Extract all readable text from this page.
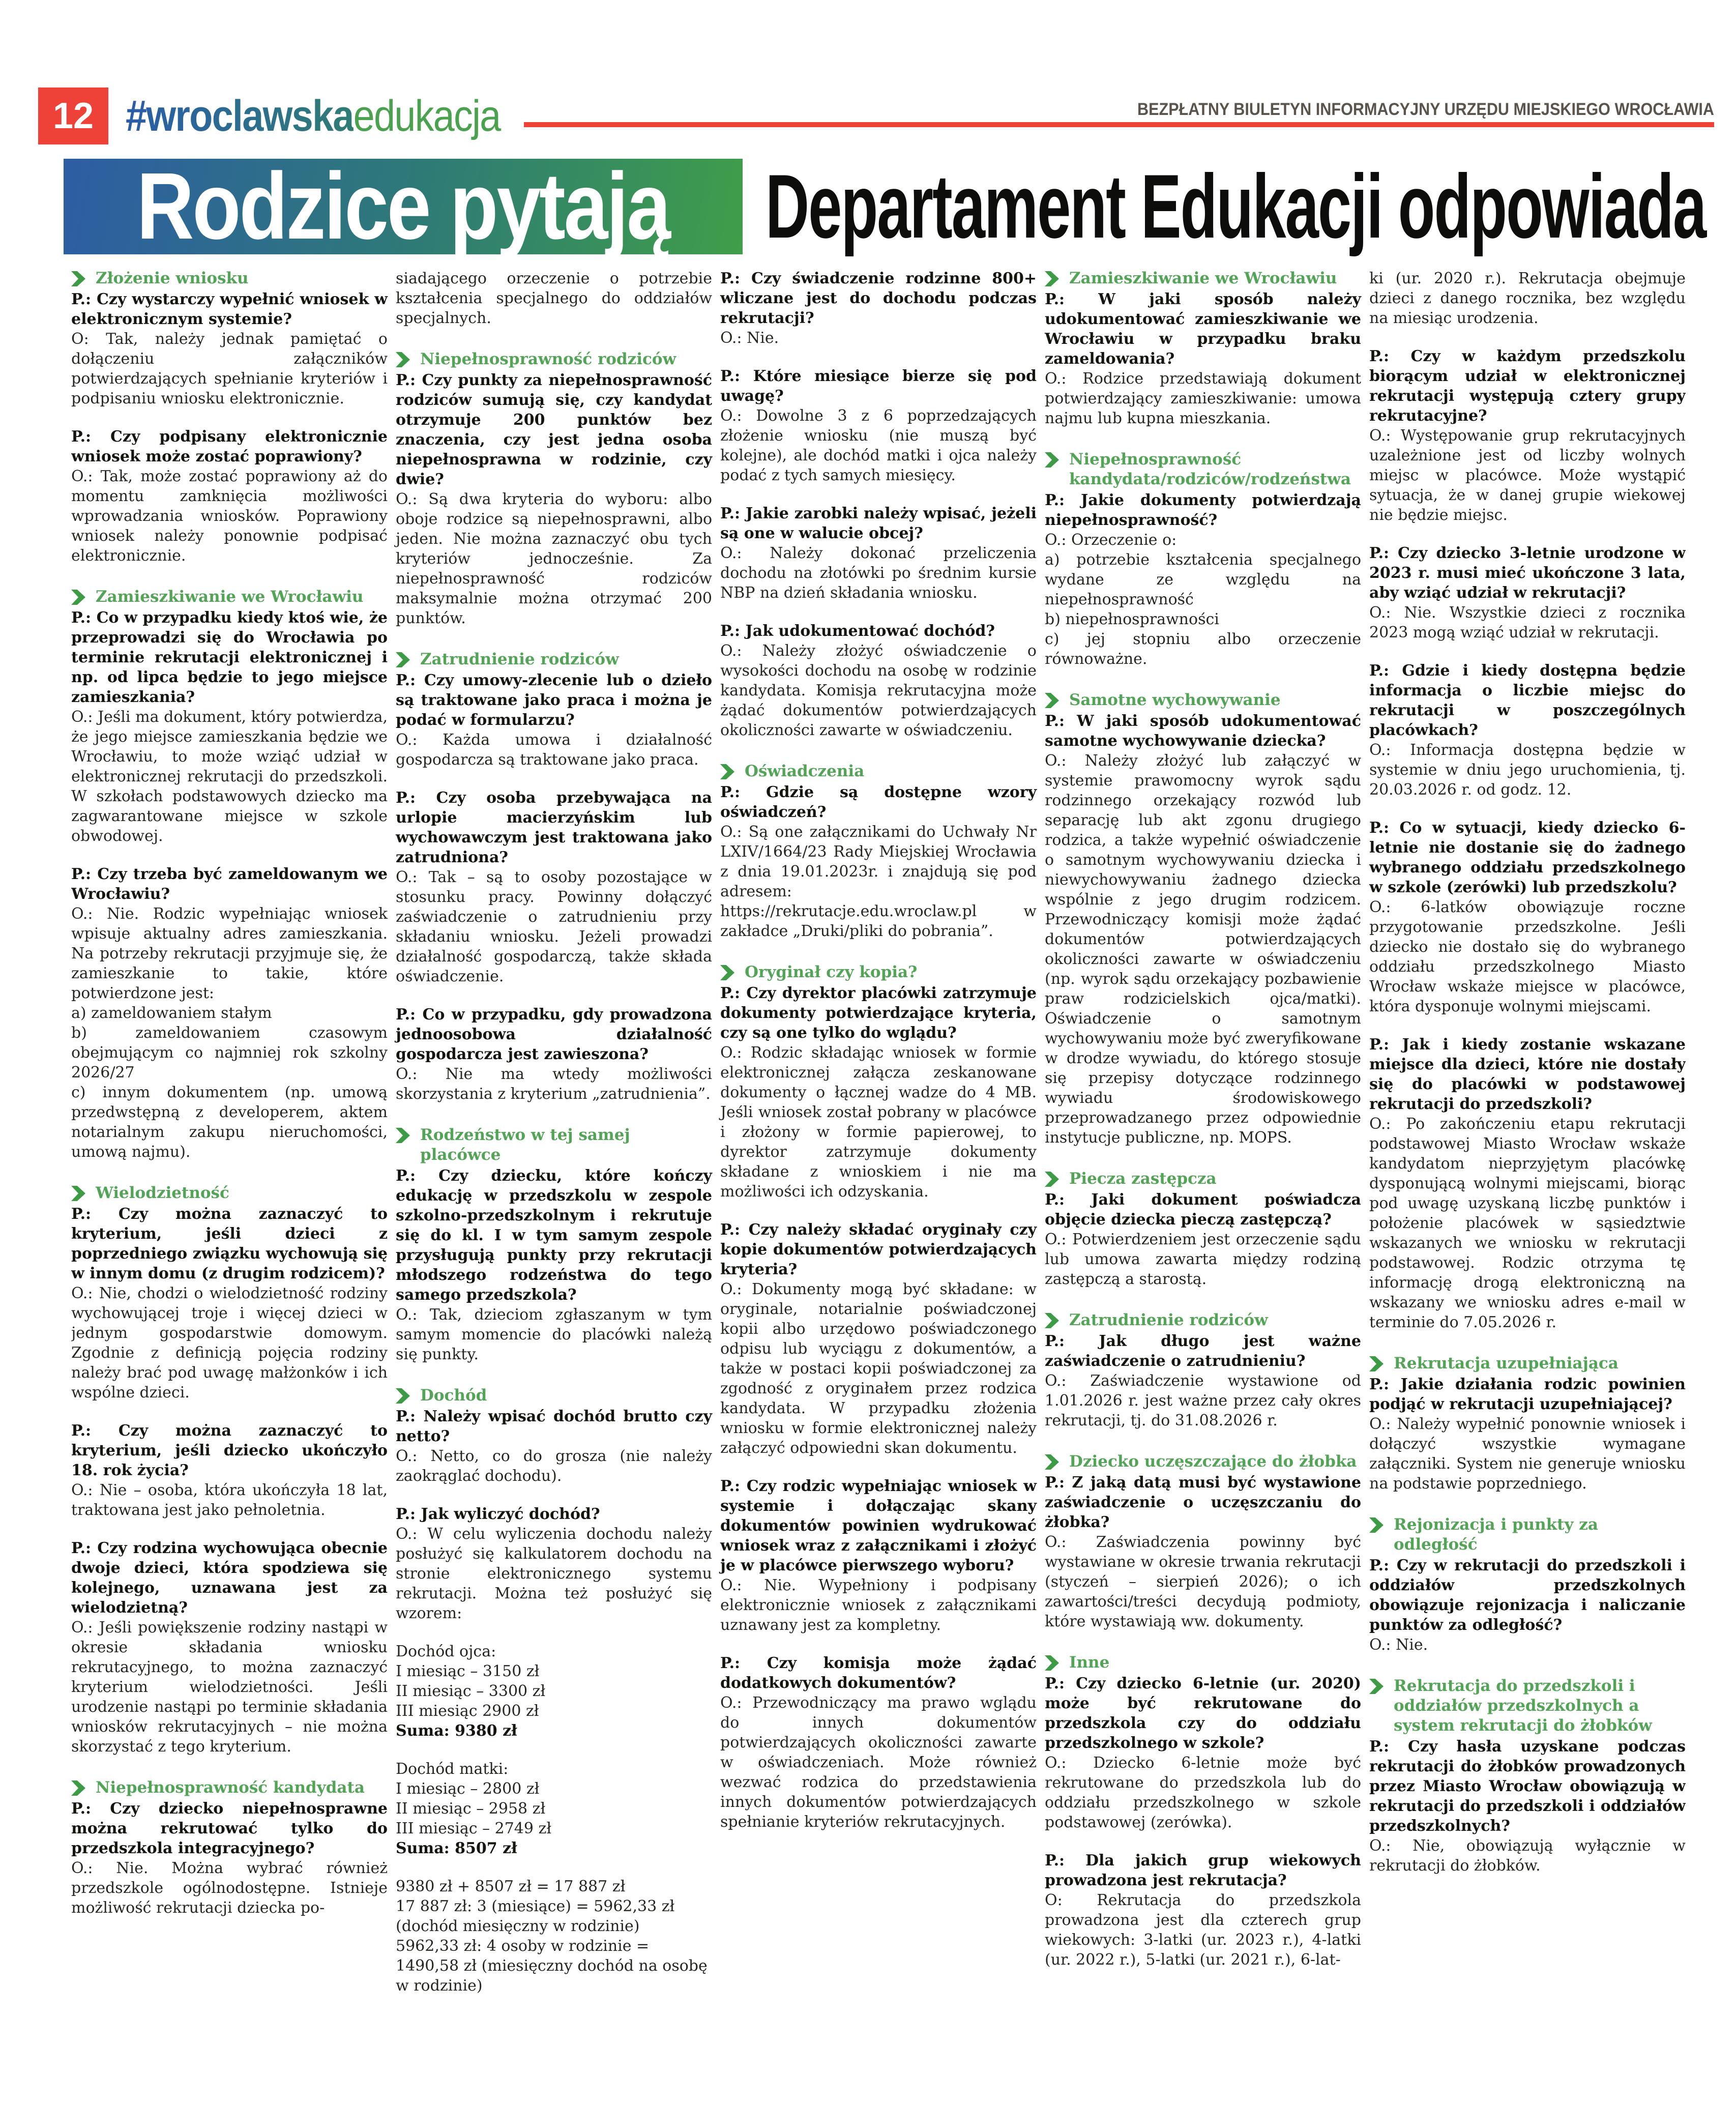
12 #wroclawska edukacja	BEZPŁATNY BIULETYN INFORMACYJNY URZĘDU MIEJSKIEGO WROCŁAWIA
Rodzice pytają Departament Edukacji odpowiada
Złożenie wniosku
P.: Czy wystarczy wypełnić wniosek w elektronicznym systemie?
O: Tak, należy jednak pamiętać o dołączeniu załączników potwierdzających spełnianie kryteriów i podpisaniu wniosku elektronicznie.
P.: Czy podpisany elektronicznie wniosek może zostać poprawiony?
O.: Tak, może zostać poprawiony aż do momentu zamknięcia możliwości wprowadzania wniosków. Poprawiony wniosek należy ponownie podpisać elektronicznie.
Zamieszkiwanie we Wrocławiu
P.: Co w przypadku kiedy ktoś wie, że przeprowadzi się do Wrocławia po terminie rekrutacji elektronicznej i np. od lipca będzie to jego miejsce zamieszkania?
O.: Jeśli ma dokument, który potwierdza, że jego miejsce zamieszkania będzie we Wrocławiu, to może wziąć udział w elektronicznej rekrutacji do przedszkoli. W szkołach podstawowych dziecko ma zagwarantowane miejsce w szkole obwodowej.
P.: Czy trzeba być zameldowanym we Wrocławiu?
O.: Nie. Rodzic wypełniając wniosek wpisuje aktualny adres zamieszkania. Na potrzeby rekrutacji przyjmuje się, że zamieszkanie to takie, które potwierdzone jest:
a) zameldowaniem stałym
b) zameldowaniem czasowym obejmującym co najmniej rok szkolny 2026/27
c) innym dokumentem (np. umową przedwstępną z developerem, aktem notarialnym zakupu nieruchomości, umową najmu).
Wielodzietność
P.: Czy można zaznaczyć to kryterium, jeśli dzieci z poprzedniego związku wychowują się w innym domu (z drugim rodzicem)?
O.: Nie, chodzi o wielodzietność rodziny wychowującej troje i więcej dzieci w jednym gospodarstwie domowym. Zgodnie z definicją pojęcia rodziny należy brać pod uwagę małżonków i ich wspólne dzieci.
P.: Czy można zaznaczyć to kryterium, jeśli dziecko ukończyło 18. rok życia?
O.: Nie – osoba, która ukończyła 18 lat, traktowana jest jako pełnoletnia.
P.: Czy rodzina wychowująca obecnie dwoje dzieci, która spodziewa się kolejnego, uznawana jest za wielodzietną?
O.: Jeśli powiększenie rodziny nastąpi w okresie składania wniosku rekrutacyjnego, to można zaznaczyć kryterium wielodzietności. Jeśli urodzenie nastąpi po terminie składania wniosków rekrutacyjnych – nie można skorzystać z tego kryterium.
Niepełnosprawność kandydata
P.: Czy dziecko niepełnosprawne można rekrutować tylko do przedszkola integracyjnego?
O.: Nie. Można wybrać również przedszkole ogólnodostępne. Istnieje możliwość rekrutacji dziecka po-
siadającego orzeczenie o potrzebie kształcenia specjalnego do oddziałów specjalnych.
Niepełnosprawność rodziców
P.: Czy punkty za niepełnosprawność rodziców sumują się, czy kandydat otrzymuje 200 punktów bez znaczenia, czy jest jedna osoba niepełnosprawna w rodzinie, czy dwie?
O.: Są dwa kryteria do wyboru: albo oboje rodzice są niepełnosprawni, albo jeden. Nie można zaznaczyć obu tych kryteriów jednocześnie. Za niepełnosprawność rodziców maksymalnie można otrzymać 200 punktów.
Zatrudnienie rodziców
P.: Czy umowy-zlecenie lub o dzieło są traktowane jako praca i można je podać w formularzu?
O.: Każda umowa i działalność gospodarcza są traktowane jako praca.
P.: Czy osoba przebywająca na urlopie macierzyńskim lub wychowawczym jest traktowana jako zatrudniona?
O.: Tak – są to osoby pozostające w stosunku pracy. Powinny dołączyć zaświadczenie o zatrudnieniu przy składaniu wniosku. Jeżeli prowadzi działalność gospodarczą, także składa oświadczenie.
P.: Co w przypadku, gdy prowadzona jednoosobowa działalność gospodarcza jest zawieszona?
O.: Nie ma wtedy możliwości skorzystania z kryterium „zatrudnienia”.
Rodzeństwo w tej samej placówce
P.: Czy dziecku, które kończy edukację w przedszkolu w zespole szkolno-przedszkolnym i rekrutuje się do kl. I w tym samym zespole przysługują punkty przy rekrutacji młodszego rodzeństwa do tego samego przedszkola?
O.: Tak, dzieciom zgłaszanym w tym samym momencie do placówki należą się punkty.
Dochód
P.: Należy wpisać dochód brutto czy netto?
O.: Netto, co do grosza (nie należy zaokrąglać dochodu).
P.: Jak wyliczyć dochód?
O.: W celu wyliczenia dochodu należy posłużyć się kalkulatorem dochodu na stronie elektronicznego systemu rekrutacji. Można też posłużyć się wzorem:
Dochód ojca:
I miesiąc – 3150 zł
II miesiąc – 3300 zł
III miesiąc 2900 zł
Suma: 9380 zł
Dochód matki:
I miesiąc – 2800 zł
II miesiąc – 2958 zł
III miesiąc – 2749 zł
Suma: 8507 zł
9380 zł + 8507 zł = 17 887 zł
17 887 zł: 3 (miesiące) = 5962,33 zł (dochód miesięczny w rodzinie)
5962,33 zł: 4 osoby w rodzinie = 1490,58 zł (miesięczny dochód na osobę w rodzinie)
P.: Czy świadczenie rodzinne 800+ wliczane jest do dochodu podczas rekrutacji?
O.: Nie.
P.: Które miesiące bierze się pod uwagę?
O.: Dowolne 3 z 6 poprzedzających złożenie wniosku (nie muszą być kolejne), ale dochód matki i ojca należy podać z tych samych miesięcy.
P.: Jakie zarobki należy wpisać, jeżeli są one w walucie obcej?
O.: Należy dokonać przeliczenia dochodu na złotówki po średnim kursie NBP na dzień składania wniosku.
P.: Jak udokumentować dochód?
O.: Należy złożyć oświadczenie o wysokości dochodu na osobę w rodzinie kandydata. Komisja rekrutacyjna może żądać dokumentów potwierdzających okoliczności zawarte w oświadczeniu.
Oświadczenia
P.: Gdzie są dostępne wzory oświadczeń?
O.: Są one załącznikami do Uchwały Nr LXIV/1664/23 Rady Miejskiej Wrocławia z dnia 19.01.2023r. i znajdują się pod adresem: https://rekrutacje.edu.wroclaw.pl w zakładce „Druki/pliki do pobrania”.
Oryginał czy kopia?
P.: Czy dyrektor placówki zatrzymuje dokumenty potwierdzające kryteria, czy są one tylko do wglądu?
O.: Rodzic składając wniosek w formie elektronicznej załącza zeskanowane dokumenty o łącznej wadze do 4 MB. Jeśli wniosek został pobrany w placówce i złożony w formie papierowej, to dyrektor zatrzymuje dokumenty składane z wnioskiem i nie ma możliwości ich odzyskania.
P.: Czy należy składać oryginały czy kopie dokumentów potwierdzających kryteria?
O.: Dokumenty mogą być składane: w oryginale, notarialnie poświadczonej kopii albo urzędowo poświadczonego odpisu lub wyciągu z dokumentów, a także w postaci kopii poświadczonej za zgodność z oryginałem przez rodzica kandydata. W przypadku złożenia wniosku w formie elektronicznej należy załączyć odpowiedni skan dokumentu.
P.: Czy rodzic wypełniając wniosek w systemie i dołączając skany dokumentów powinien wydrukować wniosek wraz z załącznikami i złożyć je w placówce pierwszego wyboru?
O.: Nie. Wypełniony i podpisany elektronicznie wniosek z załącznikami uznawany jest za kompletny.
P.: Czy komisja może żądać dodatkowych dokumentów?
O.: Przewodniczący ma prawo wglądu do innych dokumentów potwierdzających okoliczności zawarte w oświadczeniach. Może również wezwać rodzica do przedstawienia innych dokumentów potwierdzających spełnianie kryteriów rekrutacyjnych.
Zamieszkiwanie we Wrocławiu
P.: W jaki sposób należy udokumentować zamieszkiwanie we Wrocławiu w przypadku braku zameldowania?
O.: Rodzice przedstawiają dokument potwierdzający zamieszkiwanie: umowa najmu lub kupna mieszkania.
Niepełnosprawność kandydata/rodziców/rodzeństwa
P.: Jakie dokumenty potwierdzają niepełnosprawność?
O.: Orzeczenie o:
a) potrzebie kształcenia specjalnego wydane ze względu na niepełnosprawność
b) niepełnosprawności
c) jej stopniu albo orzeczenie równoważne.
Samotne wychowywanie
P.: W jaki sposób udokumentować samotne wychowywanie dziecka?
O.: Należy złożyć lub załączyć w systemie prawomocny wyrok sądu rodzinnego orzekający rozwód lub separację lub akt zgonu drugiego rodzica, a także wypełnić oświadczenie o samotnym wychowywaniu dziecka i niewychowywaniu żadnego dziecka wspólnie z jego drugim rodzicem. Przewodniczący komisji może żądać dokumentów potwierdzających okoliczności zawarte w oświadczeniu (np. wyrok sądu orzekający pozbawienie praw rodzicielskich ojca/matki). Oświadczenie o samotnym wychowywaniu może być zweryfikowane w drodze wywiadu, do którego stosuje się przepisy dotyczące rodzinnego wywiadu środowiskowego przeprowadzanego przez odpowiednie instytucje publiczne, np. MOPS.
Piecza zastępcza
P.: Jaki dokument poświadcza objęcie dziecka pieczą zastępczą?
O.: Potwierdzeniem jest orzeczenie sądu lub umowa zawarta między rodziną zastępczą a starostą.
Zatrudnienie rodziców
P.: Jak długo jest ważne zaświadczenie o zatrudnieniu?
O.: Zaświadczenie wystawione od 1.01.2026 r. jest ważne przez cały okres rekrutacji, tj. do 31.08.2026 r.
Dziecko uczęszczające do żłobka
P.: Z jaką datą musi być wystawione zaświadczenie o uczęszczaniu do żłobka?
O.: Zaświadczenia powinny być wystawiane w okresie trwania rekrutacji (styczeń – sierpień 2026); o ich zawartości/treści decydują podmioty, które wystawiają ww. dokumenty.
Inne
P.: Czy dziecko 6-letnie (ur. 2020) może być rekrutowane do przedszkola czy do oddziału przedszkolnego w szkole?
O.: Dziecko 6-letnie może być rekrutowane do przedszkola lub do oddziału przedszkolnego w szkole podstawowej (zerówka).
P.: Dla jakich grup wiekowych prowadzona jest rekrutacja?
O: Rekrutacja do przedszkola prowadzona jest dla czterech grup wiekowych: 3-latki (ur. 2023 r.), 4-latki (ur. 2022 r.), 5-latki (ur. 2021 r.), 6-lat-
ki (ur. 2020 r.). Rekrutacja obejmuje dzieci z danego rocznika, bez względu na miesiąc urodzenia.
P.: Czy w każdym przedszkolu biorącym udział w elektronicznej rekrutacji występują cztery grupy rekrutacyjne?
O.: Występowanie grup rekrutacyjnych uzależnione jest od liczby wolnych miejsc w placówce. Może wystąpić sytuacja, że w danej grupie wiekowej nie będzie miejsc.
P.: Czy dziecko 3-letnie urodzone w 2023 r. musi mieć ukończone 3 lata, aby wziąć udział w rekrutacji?
O.: Nie. Wszystkie dzieci z rocznika 2023 mogą wziąć udział w rekrutacji.
P.: Gdzie i kiedy dostępna będzie informacja o liczbie miejsc do rekrutacji w poszczególnych placówkach?
O.: Informacja dostępna będzie w systemie w dniu jego uruchomienia, tj. 20.03.2026 r. od godz. 12.
P.: Co w sytuacji, kiedy dziecko 6-letnie nie dostanie się do żadnego wybranego oddziału przedszkolnego w szkole (zerówki) lub przedszkolu?
O.: 6-latków obowiązuje roczne przygotowanie przedszkolne. Jeśli dziecko nie dostało się do wybranego oddziału przedszkolnego Miasto Wrocław wskaże miejsce w placówce, która dysponuje wolnymi miejscami.
P.: Jak i kiedy zostanie wskazane miejsce dla dzieci, które nie dostały się do placówki w podstawowej rekrutacji do przedszkoli?
O.: Po zakończeniu etapu rekrutacji podstawowej Miasto Wrocław wskaże kandydatom nieprzyjętym placówkę dysponującą wolnymi miejscami, biorąc pod uwagę uzyskaną liczbę punktów i położenie placówek w sąsiedztwie wskazanych we wniosku w rekrutacji podstawowej. Rodzic otrzyma tę informację drogą elektroniczną na wskazany we wniosku adres e-mail w terminie do 7.05.2026 r.
Rekrutacja uzupełniająca
P.: Jakie działania rodzic powinien podjąć w rekrutacji uzupełniającej?
O.: Należy wypełnić ponownie wniosek i dołączyć wszystkie wymagane załączniki. System nie generuje wniosku na podstawie poprzedniego.
Rejonizacja i punkty za odległość
P.: Czy w rekrutacji do przedszkoli i oddziałów przedszkolnych obowiązuje rejonizacja i naliczanie punktów za odległość?
O.: Nie.
Rekrutacja do przedszkoli i oddziałów przedszkolnych a system rekrutacji do żłobków
P.: Czy hasła uzyskane podczas rekrutacji do żłobków prowadzonych przez Miasto Wrocław obowiązują w rekrutacji do przedszkoli i oddziałów przedszkolnych?
O.: Nie, obowiązują wyłącznie w rekrutacji do żłobków.
